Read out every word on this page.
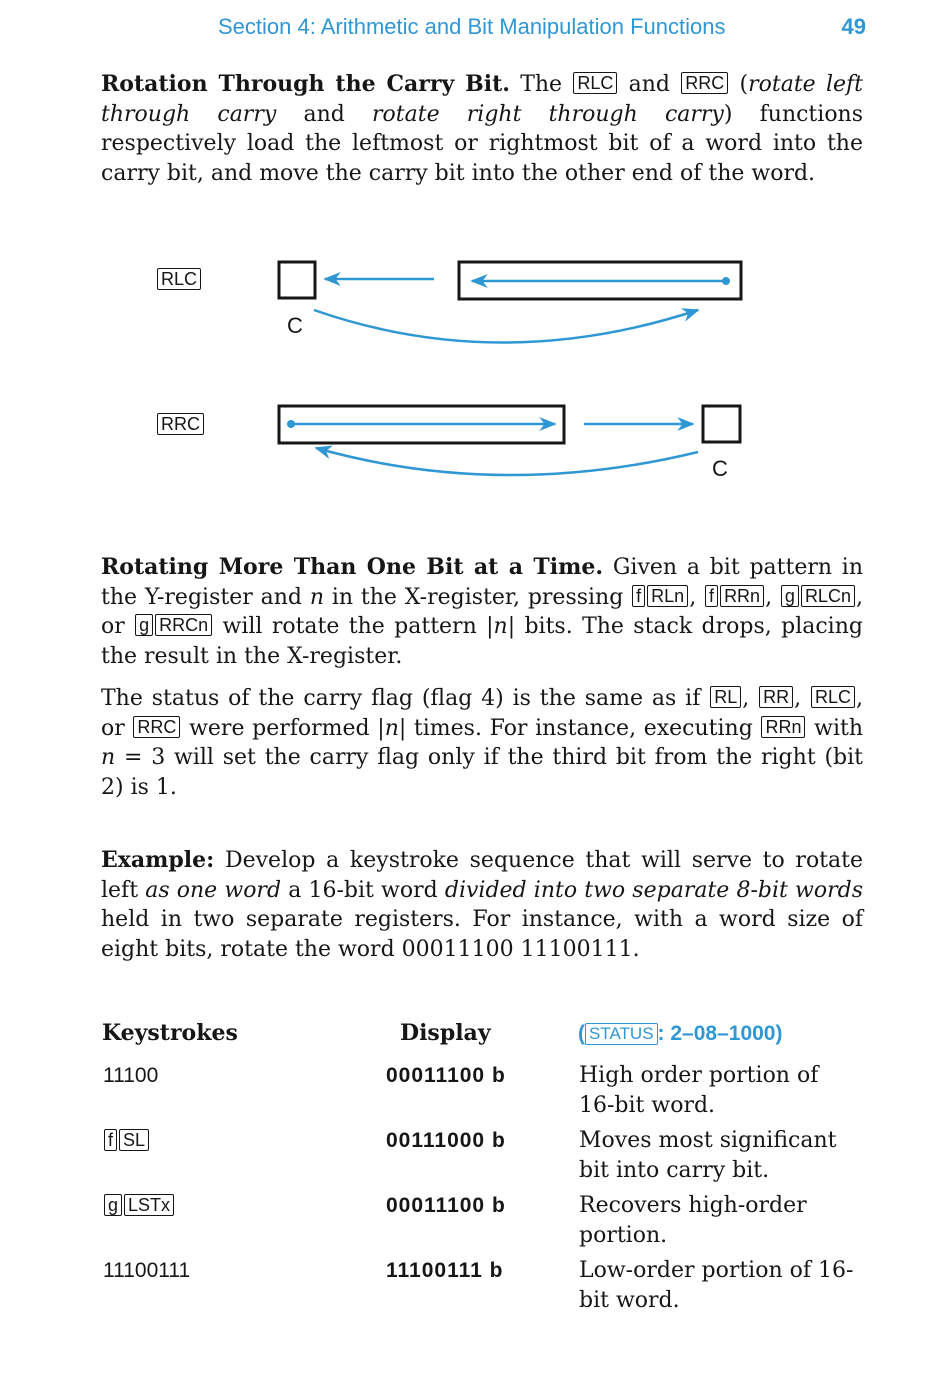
Section 4: Arithmetic and Bit Manipulation Functions	49
Rotation Through the Carry Bit. The RLC and RRC (rotate left through carry and rotate right through carry) functions respectively load the leftmost or rightmost bit of a word into the carry bit, and move the carry bit into the other end of the word.
RLC
RRC
C
C
Rotating More Than One Bit at a Time. Given a bit pattern in the Y-register and n in the X-register, pressing f RLn , f RRn , g RLCn , or g RRCn will rotate the pattern |n| bits. The stack drops, placing the result in the X-register.
The status of the carry flag (flag 4) is the same as if RL , RR , RLC , or RRC were performed |n| times. For instance, executing RRn with n = 3 will set the carry flag only if the third bit from the right (bit 2) is 1.
Example: Develop a keystroke sequence that will serve to rotate left as one word a 16-bit word divided into two separate 8-bit words held in two separate registers. For instance, with a word size of eight bits, rotate the word 00011100 11100111.
Keystrokes	Display	( STATUS : 2–08–1000)
11100	00011100 b	High order portion of 16-bit word.
f SL	00111000 b	Moves most significant bit into carry bit.
g LSTx	00011100 b	Recovers high-order portion.
11100111	11100111 b	Low-order portion of 16-bit word.
